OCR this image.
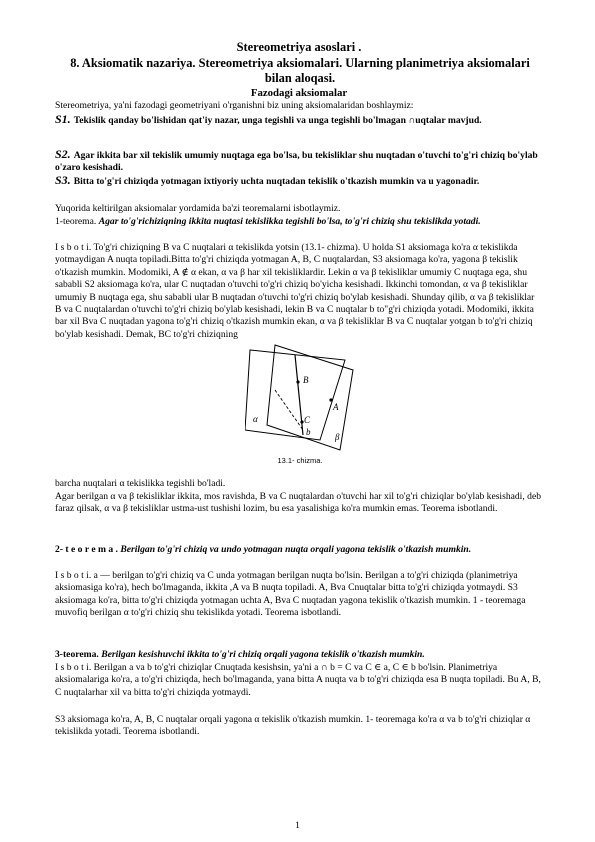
Stereometriya asoslari .
8. Aksiomatik nazariya. Stereometriya aksiomalari. Ularning planimetriya aksiomalari bilan aloqasi.
Fazodagi aksiomalar
Stereometriya, ya'ni fazodagi geometriyani o'rganishni biz uning aksiomalaridan boshlaymiz:
S1. Tekislik qanday bo'lishidan qat'iy nazar, unga tegishli va unga tegishli bo'lmagan ∩uqtalar mavjud.
S2. Agar ikkita bar xil tekislik umumiy nuqtaga ega bo'lsa, bu tekisliklar shu nuqtadan o'tuvchi to'g'ri chiziq bo'ylab o'zaro kesishadi.
S3. Bitta to'g'ri chiziqda yotmagan ixtiyoriy uchta nuqtadan tekislik o'tkazish mumkin va u yagonadir.
Yuqorida keltirilgan aksiomalar yordamida ba'zi teoremalarni isbotlaymiz.
1-teorema. Agar to'g'richiziqning ikkita nuqtasi tekislikka tegishli bo'lsa, to'g'ri chiziq shu tekislikda yotadi.
I s b o t i. To'g'ri chiziqning B va C nuqtalari α tekislikda yotsin (13.1- chizma). U holda S1 aksiomaga ko'ra α tekislikda yotmaydigan A nuqta topiladi.Bitta to'g'ri chiziqda yotmagan A, B, C nuqtalardan, S3 aksiomaga ko'ra, yagona β tekislik o'tkazish mumkin. Modomiki, A ∉ α ekan, α va β har xil tekisliklardir. Lekin α va β tekisliklar umumiy C nuqtaga ega, shu sababli S2 aksiomaga ko'ra, ular C nuqtadan o'tuvchi to'g'ri chiziq bo'yicha kesishadi. Ikkinchi tomondan, α va β tekisliklar umumiy B nuqtaga ega, shu sababli ular B nuqtadan o'tuvchi to'g'ri chiziq bo'ylab kesishadi. Shunday qilib, α va β tekisliklar B va C nuqtalardan o'tuvchi to'g'ri chiziq bo'ylab kesishadi, lekin B va C nuqtalar b to"g'ri chiziqda yotadi. Modomiki, ikkita bar xil Bva C nuqtadan yagona to'g'ri chiziq o'tkazish mumkin ekan, α va β tekisliklar B va C nuqtalar yotgan b to'g'ri chiziq bo'ylab kesishadi. Demak, BC to'g'ri chiziqning
B
C
A
b
α
β
13.1- chizma.
barcha nuqtalari α tekislikka tegishli bo'ladi.
Agar berilgan α va β tekisliklar ikkita, mos ravishda, B va C nuqtalardan o'tuvchi har xil to'g'ri chiziqlar bo'ylab kesishadi, deb faraz qilsak, α va β tekisliklar ustma-ust tushishi lozim, bu esa yasalishiga ko'ra mumkin emas. Teorema isbotlandi.
2- t e o r e m a . Berilgan to'g'ri chiziq va undo yotmagan nuqta orqali yagona tekislik o'tkazish mumkin.
I s b o t i. a — berilgan to'g'ri chiziq va C unda yotmagan berilgan nuqta bo'lsin. Berilgan a to'g'ri chiziqda (planimetriya aksiomasiga ko'ra), hech bo'lmaganda, ikkita ,A va B nuqta topiladi. A, Bva Cnuqtalar bitta to'g'ri chiziqda yotmaydi. S3 aksiomaga ko'ra, bitta to'g'ri chiziqda yotmagan uchta A, Bva C nuqtadan yagona tekislik o'tkazish mumkin. 1 - teoremaga muvofiq berilgan α to'g'ri chiziq shu tekislikda yotadi. Teorema isbotlandi.
3-teorema. Berilgan kesishuvchi ikkita to'g'ri chiziq orqali yagona tekislik o'tkazish mumkin.
I s b o t i. Berilgan a va b to'g'ri chiziqlar Cnuqtada kesishsin, ya'ni a ∩ b = C va C ∈ a, C ∈ b bo'lsin. Planimetriya aksiomalariga ko'ra, a to'g'ri chiziqda, hech bo'lmaganda, yana bitta A nuqta va b to'g'ri chiziqda esa B nuqta topiladi. Bu A, B, C nuqtalarhar xil va bitta to'g'ri chiziqda yotmaydi.
S3 aksiomaga ko'ra, A, B, C nuqtalar orqali yagona α tekislik o'tkazish mumkin. 1- teoremaga ko'ra α va b to'g'ri chiziqlar α tekislikda yotadi. Teorema isbotlandi.
1
